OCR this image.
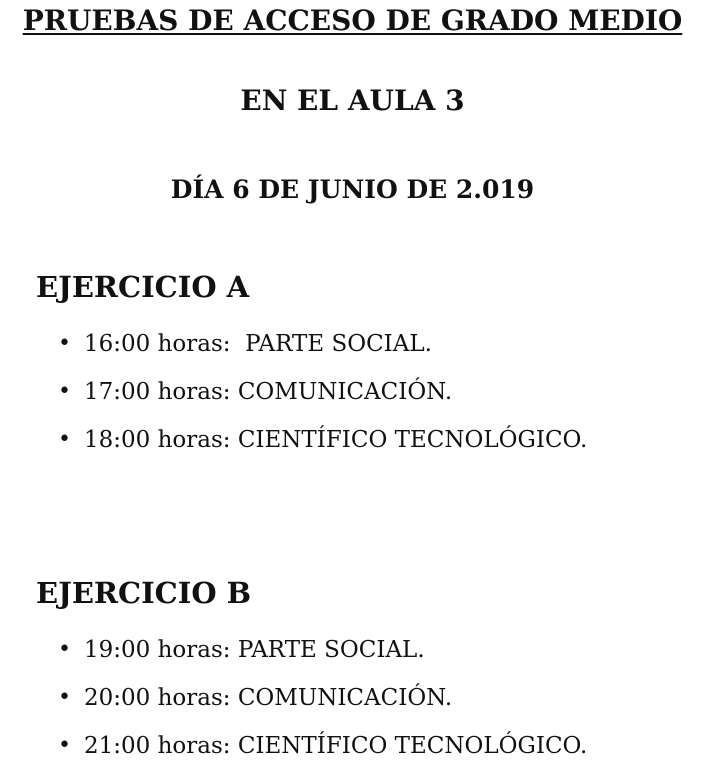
PRUEBAS DE ACCESO DE GRADO MEDIO
EN EL AULA 3
DÍA 6 DE JUNIO DE 2.019
EJERCICIO A
• 16:00 horas:  PARTE SOCIAL.
• 17:00 horas: COMUNICACIÓN.
• 18:00 horas: CIENTÍFICO TECNOLÓGICO.
EJERCICIO B
• 19:00 horas: PARTE SOCIAL.
• 20:00 horas: COMUNICACIÓN.
• 21:00 horas: CIENTÍFICO TECNOLÓGICO.
